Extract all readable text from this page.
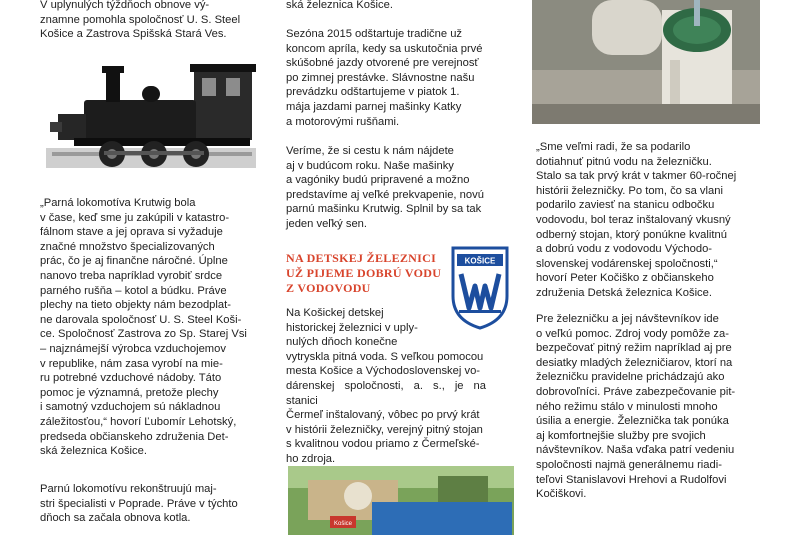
V uplynulých týždňoch obnove vý-
znamne pomohla spoločnosť U. S. Steel
Košice a Zastrova Spišská Stará Ves.

„Parná lokomotíva Krutwig bola
v čase, keď sme ju zakúpili v katastro-
fálnom stave a jej oprava si vyžaduje
značné množstvo špecializovaných
prác, čo je aj finančne náročné. Úplne
nanovo treba napríklad vyrobiť srdce
parného rušňa – kotol a búdku. Práve
plechy na tieto objekty nám bezodplat-
ne darovala spoločnosť U. S. Steel Koši-
ce. Spoločnosť Zastrova zo Sp. Starej Vsi
– najznámejší výrobca vzduchojemov
v republike, nám zasa vyrobí na mie-
ru potrebné vzduchové nádoby. Táto
pomoc je významná, pretože plechy
i samotný vzduchojem sú nákladnou
záležitosťou,“ hovorí Ľubomír Lehotský,
predseda občianskeho združenia Det-
ská železnica Košice.

Parnú lokomotívu rekonštruujú maj-
stri špecialisti v Poprade. Práve v týchto
dňoch sa začala obnova kotla.

ská železnica Košice.

Sezóna 2015 odštartuje tradične už
koncom apríla, kedy sa uskutočnia prvé
skúšobné jazdy otvorené pre verejnosť
po zimnej prestávke. Slávnostne našu
prevádzku odštartujeme v piatok 1.
mája jazdami parnej mašinky Katky
a motorovými rušňami.

Veríme, že si cestu k nám nájdete
aj v budúcom roku. Naše mašinky
a vagóniky budú pripravené a možno
predstavíme aj veľké prekvapenie, novú
parnú mašinku Krutwig. Splnil by sa tak
jeden veľký sen.

NA DETSKEJ ŽELEZNICI
UŽ PIJEME DOBRÚ VODU
Z VODOVODU
KOŠICE

Na Košickej detskej
historickej železnici v uply-
nulých dňoch konečne
vytryskla pitná voda. S veľkou pomocou
mesta Košice a Východoslovenskej vo-
dárenskej spoločnosti, a. s., je na stanici
Čermeľ inštalovaný, vôbec po prvý krát
v histórii železničky, verejný pitný stojan
s kvalitnou vodou priamo z Čermeľské-
ho zdroja.

Košice

„Sme veľmi radi, že sa podarilo
dotiahnuť pitnú vodu na železničku.
Stalo sa tak prvý krát v takmer 60-ročnej
histórii železničky. Po tom, čo sa vlani
podarilo zaviesť na stanicu odbočku
vodovodu, bol teraz inštalovaný vkusný
odberný stojan, ktorý ponúkne kvalitnú
a dobrú vodu z vodovodu Východo-
slovenskej vodárenskej spoločnosti,“
hovorí Peter Kočiško z občianskeho
združenia Detská železnica Košice.

Pre železničku a jej návštevníkov ide
o veľkú pomoc. Zdroj vody pomôže za-
bezpečovať pitný režim napríklad aj pre
desiatky mladých železničiarov, ktorí na
železničku pravidelne prichádzajú ako
dobrovoľníci. Práve zabezpečovanie pit-
ného režimu stálo v minulosti mnoho
úsilia a energie. Železnička tak ponúka
aj komfortnejšie služby pre svojich
návštevníkov. Naša vďaka patrí vedeniu
spoločnosti najmä generálnemu riadi-
teľovi Stanislavovi Hrehovi a Rudolfovi
Kočiškovi.
